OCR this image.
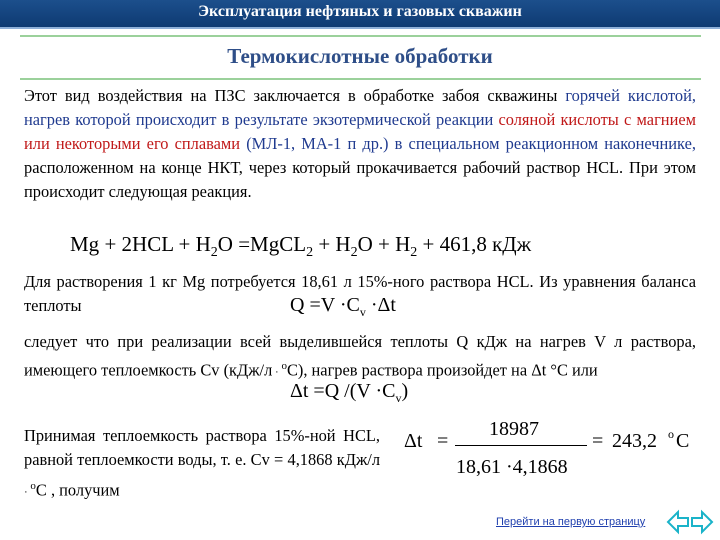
Эксплуатация нефтяных и газовых скважин
Термокислотные обработки
Этот вид воздействия на ПЗС заключается в обработке забоя скважины горячей кислотой, нагрев которой происходит в результате экзотермической реакции соляной кислоты с магнием или некоторыми его сплавами (МЛ-1, МА-1 п др.) в специальном реакционном наконечнике, расположенном на конце НКТ, через который прокачивается рабочий раствор HCL. При этом происходит следующая реакция.
$Mg + 2HCL + H_2O$ =MgCL$_2$ + $H_2O + H_2 + 461,8$ кДж
Для растворения 1 кг Mg потребуется 18,61 л 15%-ного раствора HCL. Из уравнения баланса теплоты	$Q =V \cdot C_v \cdot\Delta t$
следует что при реализации всей выделившейся теплоты Q кДж на нагрев V л раствора, имеющего теплоемкость Cv (кДж/л · $^o$С), нагрев раствора произойдет на Δt °С или
Δt =Q $/(V \cdot C_v)$
Принимая теплоемкость раствора 15%-ной HCL, равной теплоемкости воды, т. е. Cv = 4,1868 кДж/л · $^o$С , получим
Δt =
18987
18,61 ·4,1868
= 243,2 o С
Перейти на первую страницу
